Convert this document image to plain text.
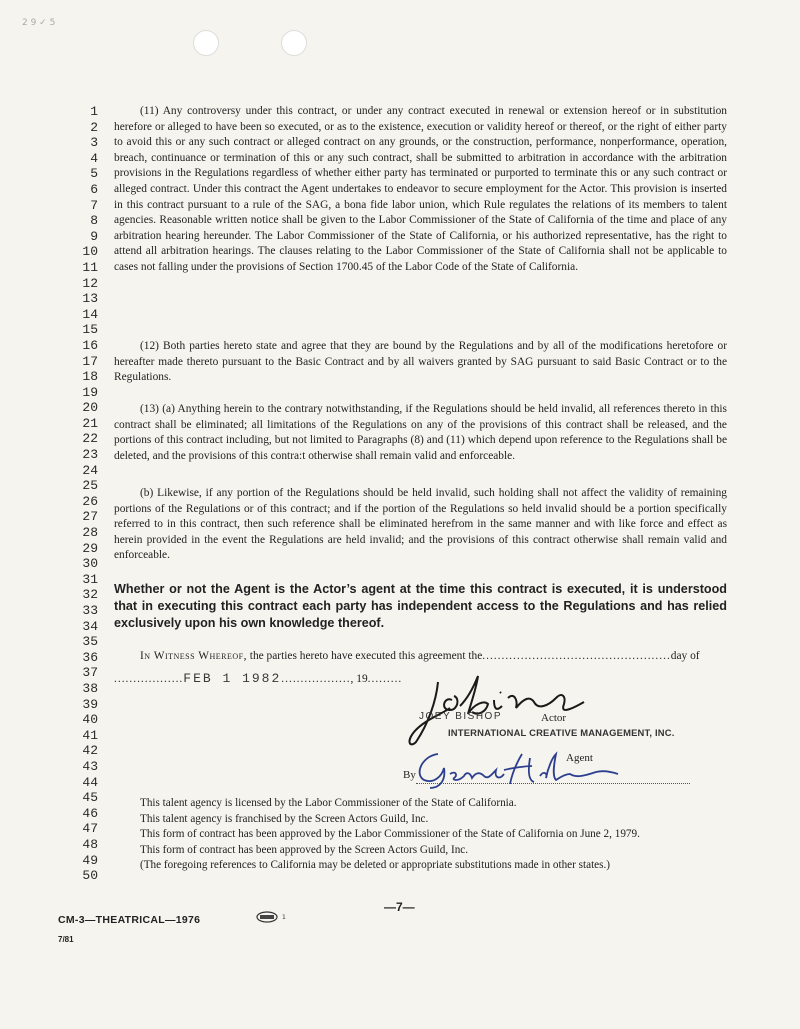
2 9 ✓ 5
1
2
3
4
5
6
7
8
9
10
11
12
13
14
15
16
17
18
19
20
21
22
23
24
25
26
27
28
29
30
31
32
33
34
35
36
37
38
39
40
41
42
43
44
45
46
47
48
49
50

(11) Any controversy under this contract, or under any contract executed in renewal or extension hereof or in substitution herefore or alleged to have been so executed, or as to the existence, execution or validity hereof or thereof, or the right of either party to avoid this or any such contract or alleged contract on any grounds, or the construction, performance, nonperformance, operation, breach, continuance or termination of this or any such contract, shall be submitted to arbitration in accordance with the arbitration provisions in the Regulations regardless of whether either party has terminated or purported to terminate this or any such contract or alleged contract. Under this contract the Agent undertakes to endeavor to secure employment for the Actor. This provision is inserted in this contract pursuant to a rule of the SAG, a bona fide labor union, which Rule regulates the relations of its members to talent agencies. Reasonable written notice shall be given to the Labor Commissioner of the State of California of the time and place of any arbitration hearing hereunder. The Labor Commissioner of the State of California, or his authorized representative, has the right to attend all arbitration hearings. The clauses relating to the Labor Commissioner of the State of California shall not be applicable to cases not falling under the provisions of Section 1700.45 of the Labor Code of the State of California.

(12) Both parties hereto state and agree that they are bound by the Regulations and by all of the modifications heretofore or hereafter made thereto pursuant to the Basic Contract and by all waivers granted by SAG pursuant to said Basic Contract or to the Regulations.

(13) (a) Anything herein to the contrary notwithstanding, if the Regulations should be held invalid, all references thereto in this contract shall be eliminated; all limitations of the Regulations on any of the provisions of this contract shall be released, and the portions of this contract including, but not limited to Paragraphs (8) and (11) which depend upon reference to the Regulations shall be deleted, and the provisions of this contra:t otherwise shall remain valid and enforceable.

(b) Likewise, if any portion of the Regulations should be held invalid, such holding shall not affect the validity of remaining portions of the Regulations or of this contract; and if the portion of the Regulations so held invalid should be a portion specifically referred to in this contract, then such reference shall be eliminated herefrom in the same manner and with like force and effect as herein provided in the event the Regulations are held invalid; and the provisions of this contract otherwise shall remain valid and enforceable.

Whether or not the Agent is the Actor’s agent at the time this contract is executed, it is understood that in executing this contract each party has independent access to the Regulations and has relied exclusively upon his own knowledge thereof.

In Witness Whereof, the parties hereto have executed this agreement the.................................................day of
..................FEB 1 1982.................., 19.........
JOEY BISHOP	Actor
INTERNATIONAL CREATIVE MANAGEMENT, INC.
Agent
By
This talent agency is licensed by the Labor Commissioner of the State of California.
This talent agency is franchised by the Screen Actors Guild, Inc.
This form of contract has been approved by the Labor Commissioner of the State of California on June 2, 1979.
This form of contract has been approved by the Screen Actors Guild, Inc.
(The foregoing references to California may be deleted or appropriate substitutions made in other states.)
—7—
CM-3—THEATRICAL—1976	1
7/81
